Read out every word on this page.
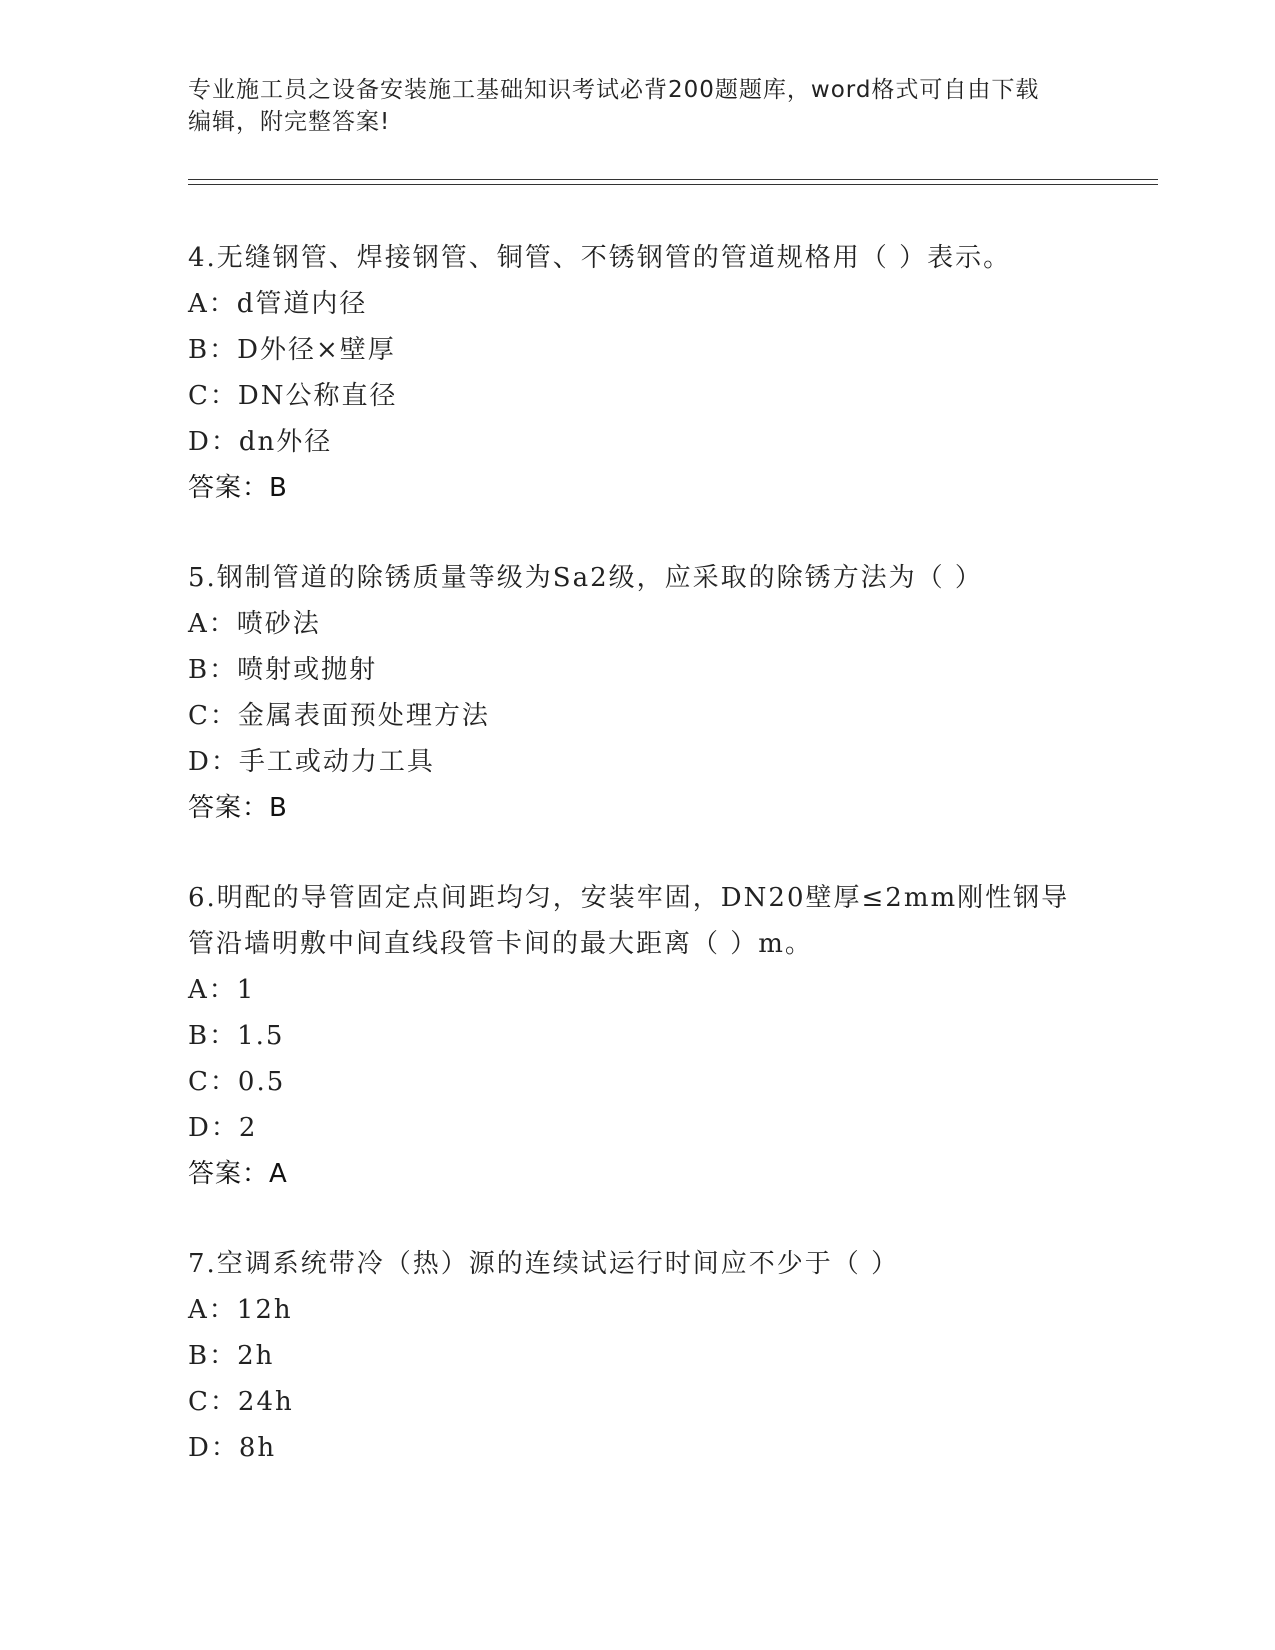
专业施工员之设备安装施工基础知识考试必背200题题库，word格式可自由下载
编辑，附完整答案!

4.无缝钢管、焊接钢管、铜管、不锈钢管的管道规格用（ ）表示。

A： d管道内径

B： D外径×壁厚

C： DN公称直径

D： dn外径

答案：B

5.钢制管道的除锈质量等级为Sa2级，应采取的除锈方法为（ ）

A： 喷砂法

B： 喷射或抛射

C： 金属表面预处理方法

D： 手工或动力工具

答案：B

6.明配的导管固定点间距均匀，安装牢固，DN20壁厚≤2mm刚性钢导

管沿墙明敷中间直线段管卡间的最大距离（ ）m。

A： 1

B： 1.5

C： 0.5

D： 2

答案：A

7.空调系统带冷（热）源的连续试运行时间应不少于（ ）

A： 12h

B： 2h

C： 24h

D： 8h
